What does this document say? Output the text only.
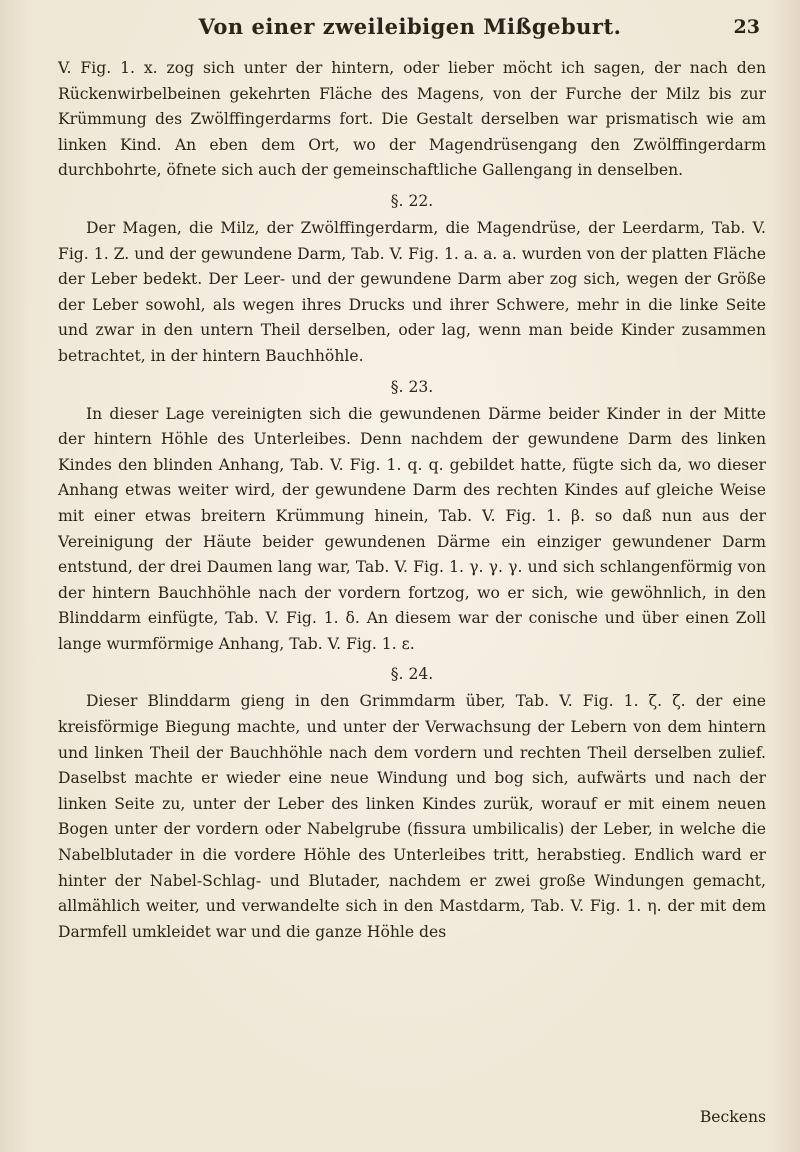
Von einer zweileibigen Mißgeburt.	23

V. Fig. 1. x. zog sich unter der hintern, oder lieber möcht ich sagen, der nach den Rückenwirbelbeinen gekehrten Fläche des Magens, von der Furche der Milz bis zur Krümmung des Zwölffingerdarms fort. Die Gestalt derselben war prismatisch wie am linken Kind. An eben dem Ort, wo der Magendrüsengang den Zwölffingerdarm durchbohrte, öfnete sich auch der gemeinschaftliche Gallengang in denselben.

§. 22.

Der Magen, die Milz, der Zwölffingerdarm, die Magendrüse, der Leerdarm, Tab. V. Fig. 1. Z. und der gewundene Darm, Tab. V. Fig. 1. a. a. a. wurden von der platten Fläche der Leber bedekt. Der Leer- und der gewundene Darm aber zog sich, wegen der Größe der Leber sowohl, als wegen ihres Drucks und ihrer Schwere, mehr in die linke Seite und zwar in den untern Theil derselben, oder lag, wenn man beide Kinder zusammen betrachtet, in der hintern Bauchhöhle.

§. 23.

In dieser Lage vereinigten sich die gewundenen Därme beider Kinder in der Mitte der hintern Höhle des Unterleibes. Denn nachdem der gewundene Darm des linken Kindes den blinden Anhang, Tab. V. Fig. 1. q. q. gebildet hatte, fügte sich da, wo dieser Anhang etwas weiter wird, der gewundene Darm des rechten Kindes auf gleiche Weise mit einer etwas breitern Krümmung hinein, Tab. V. Fig. 1. β. so daß nun aus der Vereinigung der Häute beider gewundenen Därme ein einziger gewundener Darm entstund, der drei Daumen lang war, Tab. V. Fig. 1. γ. γ. γ. und sich schlangenförmig von der hintern Bauchhöhle nach der vordern fortzog, wo er sich, wie gewöhnlich, in den Blinddarm einfügte, Tab. V. Fig. 1. δ. An diesem war der conische und über einen Zoll lange wurmförmige Anhang, Tab. V. Fig. 1. ε.

§. 24.

Dieser Blinddarm gieng in den Grimmdarm über, Tab. V. Fig. 1. ζ. ζ. der eine kreisförmige Biegung machte, und unter der Verwachsung der Lebern von dem hintern und linken Theil der Bauchhöhle nach dem vordern und rechten Theil derselben zulief. Daselbst machte er wieder eine neue Windung und bog sich, aufwärts und nach der linken Seite zu, unter der Leber des linken Kindes zurük, worauf er mit einem neuen Bogen unter der vordern oder Nabelgrube (fissura umbilicalis) der Leber, in welche die Nabelblutader in die vordere Höhle des Unterleibes tritt, herabstieg. Endlich ward er hinter der Nabel-Schlag- und Blutader, nachdem er zwei große Windungen gemacht, allmählich weiter, und verwandelte sich in den Mastdarm, Tab. V. Fig. 1. η. der mit dem Darmfell umkleidet war und die ganze Höhle des

Beckens
